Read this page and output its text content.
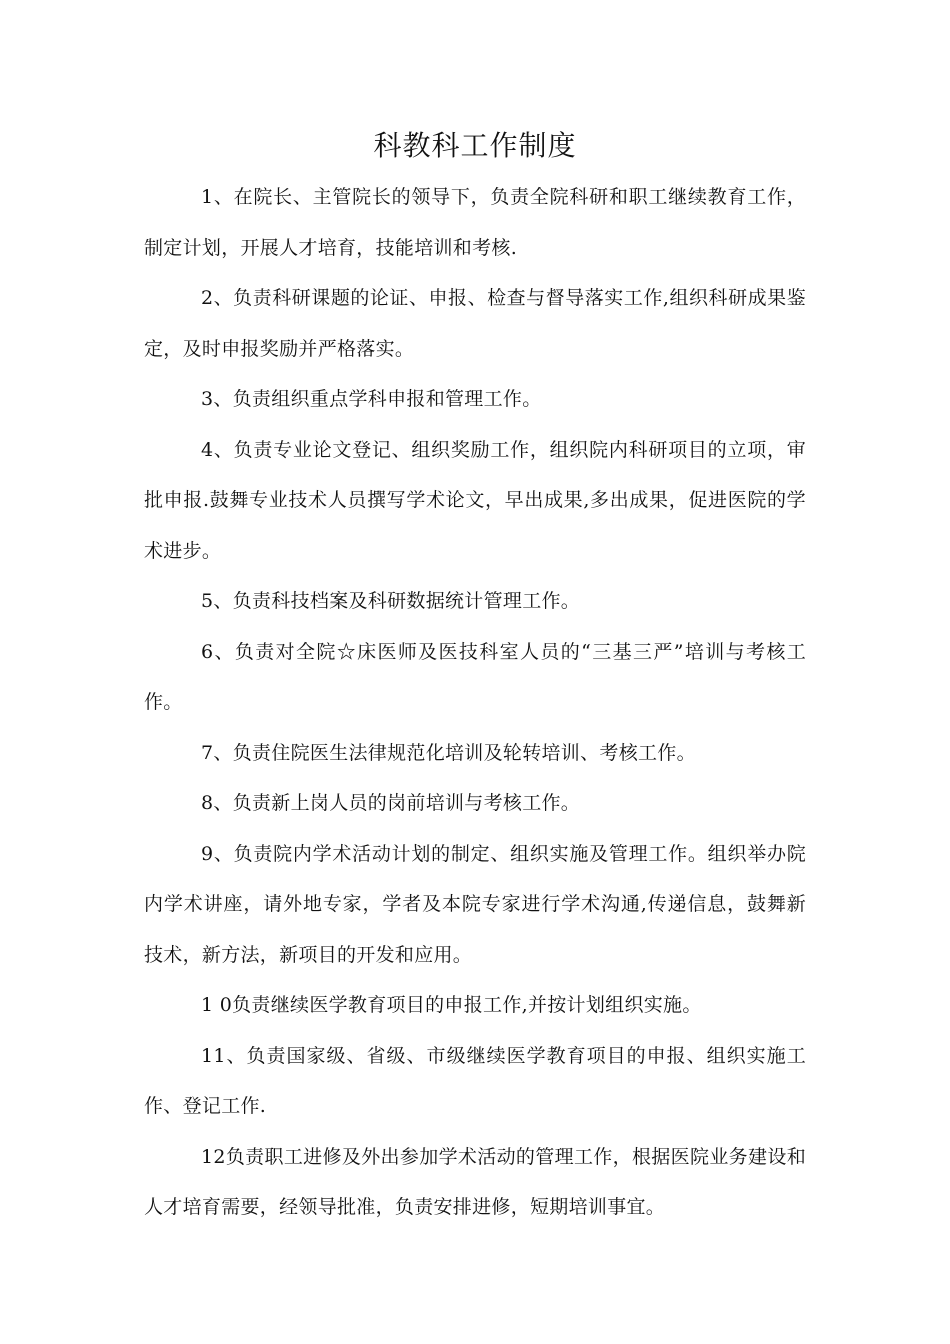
科教科工作制度

1、在院长、主管院长的领导下，负责全院科研和职工继续教育工作，制定计划，开展人才培育，技能培训和考核.

2、负责科研课题的论证、申报、检查与督导落实工作,组织科研成果鉴定，及时申报奖励并严格落实。

3、负责组织重点学科申报和管理工作。

4、负责专业论文登记、组织奖励工作，组织院内科研项目的立项，审批申报.鼓舞专业技术人员撰写学术论文，早出成果,多出成果，促进医院的学术进步。

5、负责科技档案及科研数据统计管理工作。

6、负责对全院☆床医师及医技科室人员的“三基三严”培训与考核工作。

7、负责住院医生法律规范化培训及轮转培训、考核工作。

8、负责新上岗人员的岗前培训与考核工作。

9、负责院内学术活动计划的制定、组织实施及管理工作。组织举办院内学术讲座，请外地专家，学者及本院专家进行学术沟通,传递信息，鼓舞新技术，新方法，新项目的开发和应用。

1 0负责继续医学教育项目的申报工作,并按计划组织实施。

11、负责国家级、省级、市级继续医学教育项目的申报、组织实施工作、登记工作.

12负责职工进修及外出参加学术活动的管理工作，根据医院业务建设和人才培育需要，经领导批准，负责安排进修，短期培训事宜。
